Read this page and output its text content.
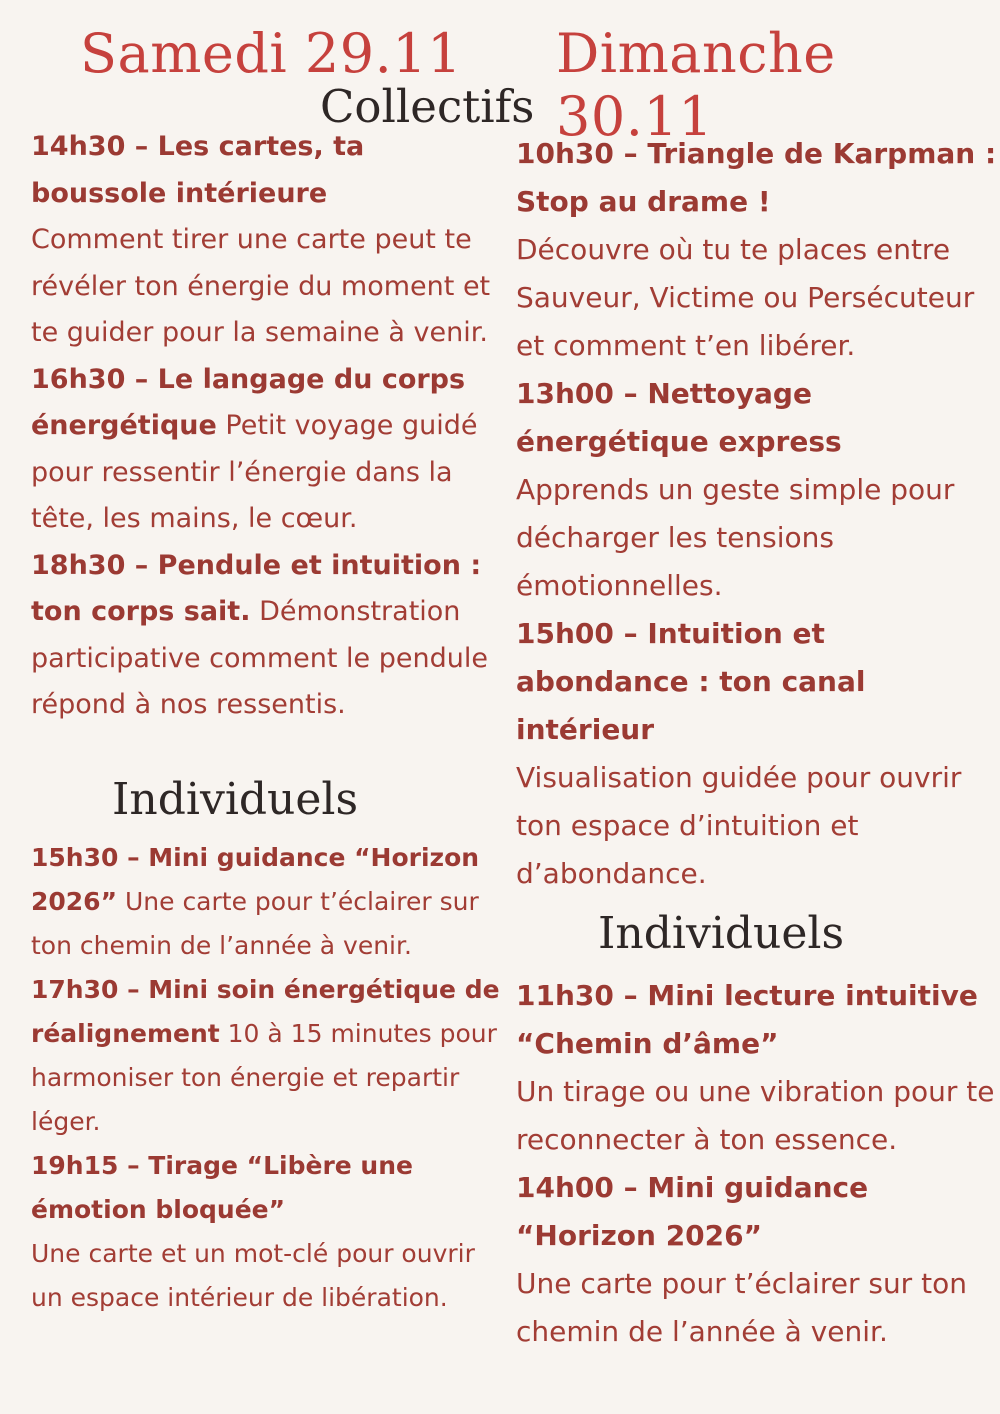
Samedi 29.11 Dimanche 30.11
Collectifs

14h30 – Les cartes, ta boussole intérieure
Comment tirer une carte peut te révéler ton énergie du moment et te guider pour la semaine à venir.

16h30 – Le langage du corps énergétique Petit voyage guidé pour ressentir l’énergie dans la tête, les mains, le cœur.

18h30 – Pendule et intuition : ton corps sait. Démonstration participative comment le pendule répond à nos ressentis.

Individuels

15h30 – Mini guidance “Horizon 2026” Une carte pour t’éclairer sur ton chemin de l’année à venir.

17h30 – Mini soin énergétique de réalignement 10 à 15 minutes pour harmoniser ton énergie et repartir léger.

19h15 – Tirage “Libère une émotion bloquée”
Une carte et un mot-clé pour ouvrir un espace intérieur de libération.

10h30 – Triangle de Karpman : Stop au drame !
Découvre où tu te places entre Sauveur, Victime ou Persécuteur et comment t’en libérer.

13h00 – Nettoyage énergétique express
Apprends un geste simple pour décharger les tensions émotionnelles.

15h00 – Intuition et abondance : ton canal intérieur
Visualisation guidée pour ouvrir ton espace d’intuition et d’abondance.

Individuels

11h30 – Mini lecture intuitive “Chemin d’âme”
Un tirage ou une vibration pour te reconnecter à ton essence.

14h00 – Mini guidance “Horizon 2026”
Une carte pour t’éclairer sur ton chemin de l’année à venir.
